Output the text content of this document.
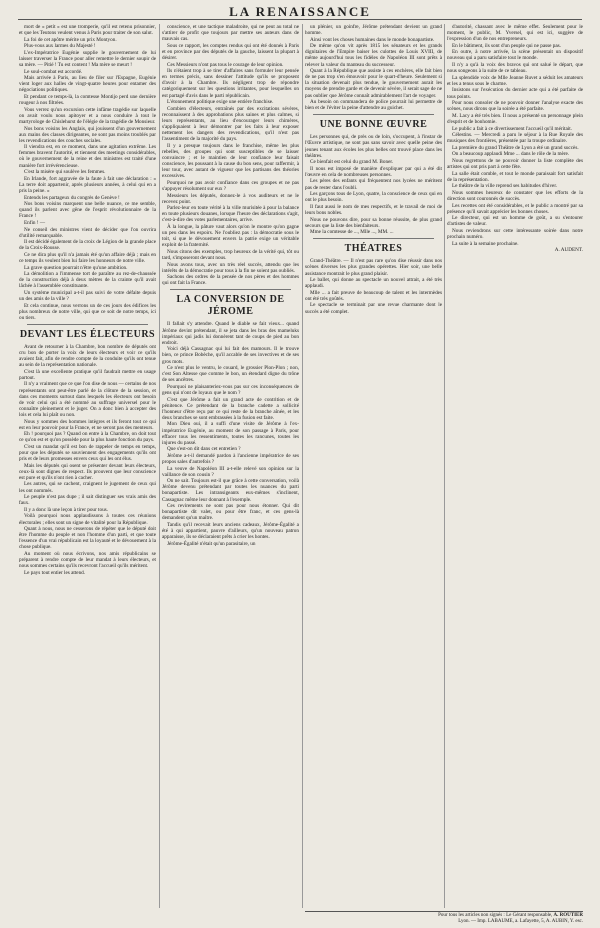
LA RENAISSANCE

mort de « petit » est une tromperie, qu'il est retenu prisonnier, et que les Teutons veulent venus à Paris pour traiter de son salut.

La foi de cet apôtre mérite un prix Montyon.

Plus-vous aux larmes du Majesté !

L'ex-Impératrice Eugénie supplie le gouvernement de lui laisser traverser la France pour aller remettre le dernier soupir de sa mère. — Pitié ! Tu est content ! Ma mère se meurt !

Le soul-combat est accordé.

Mais arrivée à Paris, au lieu de filer sur l'Espagne, Eugénie vient loger aux halles de vingt-quatre heures pour entamer des négociations politiques.

Et pendant ce temps-là, la comtesse Montijo perd une dernière rougeur à nos filtrées.

Vous verrez qu'un excursion cette infâme tragédie sur laquelle on avait voulu nous apitoyer et a nous conduire à tout le martyrologe de Chislehurst de l'élégie de la tragédie de Monsieur.

Nos bons voisins les Anglais, qui jouissent d'un gouvernement aux mains des classes dirigeantes, ne sont pas moins troublés par les revendications des couches sociales.

Il viendra est, en ce moment, dans une agitation extrême. Les femmes bravent l'autorité, et tiennent des meetings considérables, où le gouvernement de la reine et des ministres est traité d'une manière fort irrévérencieuse.

C'est la misère qui soulève les femmes.

En Irlande, fort aggravée de la faute à fait une déclaration : « La terre doit appartenir, après plusieurs années, à celui qui en a pris la peine. »

Entends les partageux du congrès de Genève !

Nos bons voisins marquent une belle nuance, ce me semble, quand ils parlent avec gêne de l'esprit révolutionnaire de la France !

Enfin ! —

Ne conseil des ministres vient de décider que l'on ouvrira d'utilité remarquable.

Il est décidé également de la croix de Légion de la grande place de la Croix-Rousse.

Ce ne dira plus qu'il n'a jamais été qu'un affaire déjà ; mais en ce temps ils veulent bien lui faire les honneurs de notre ville.

La grave question pourrait n'être qu'une ambition.

La démolition a l'immense tort de paraître au rez-de-chaussée de la construction déjà à deux mètres de la crainte qu'il avait lâchée à l'assemblée constituante.

Un système municipal a-t-il pas suivi de votre défaite depuis un des amis de la ville ?

Et cela continue, nous verrons un de ces jours des édifices les plus nombreux de notre ville, qui que ce soit de notre temps, ici ou tiers.

DEVANT LES ÉLECTEURS

Avant de retourner à la Chambre, bon nombre de députés ont cru bon de porter la voix de leurs électeurs et voir ce qu'ils avaient fait, afin de rendre compte de la conduite qu'ils ont tenue au sein de la représentation nationale.

C'est là une excellente pratique qu'il faudrait mettre en usage partout.

Il n'y a vraiment que ce que l'on dise de nous — certains de nos représentants ont peut-être parlé de la clôture de la session, et dans ces moments surtout dans lesquels les électeurs ont besoin de voir celui qui a été nommé au suffrage universel pour le connaître pleinement et le juger. On a donc bien à accepter des lois et cela lui plaît ou non.

Nous y sommes des hommes intègres et ils feront tout ce qui est en leur pouvoir pour la France, et ne seront pas des menteurs.

Eh ! pourquoi pas ? Quand on entre à la Chambre, on doit tout ce qu'on est et qu'on possède pour la plus haute fonction du pays.

C'est un mandat qu'il est bon de rappeler de temps en temps, pour que les députés se souviennent des engagements qu'ils ont pris et de leurs promesses envers ceux qui les ont élus.

Mais les députés qui osent se présenter devant leurs électeurs, ceux-là sont dignes de respect. Ils prouvent que leur conscience est pure et qu'ils n'ont rien à cacher.

Les autres, qui se cachent, craignent le jugement de ceux qui les ont nommés.

Le peuple n'est pas dupe ; il sait distinguer ses vrais amis des faux.

Il y a donc là une leçon à tirer pour tous.

Voilà pourquoi nous applaudissons à toutes ces réunions électorales ; elles sont un signe de vitalité pour la République.

Quant à nous, nous ne cesserons de répéter que le député doit être l'homme du peuple et non l'homme d'un parti, et que toute l'essence d'un vrai républicain est la loyauté et le dévouement à la chose publique.

Au moment où nous écrivons, nos amis républicains se préparent à rendre compte de leur mandat à leurs électeurs, et nous sommes certains qu'ils recevront l'accueil qu'ils méritent.

Le pays tout entier les attend.

conscience, et une tactique maladroite, qui ne peut au total ne s'attirer de profit que toujours par mettre ses auteurs dans de mauvais cas.

Sous ce rapport, les comptes rendus qui ont été donnés à Paris et en province par des députés de la gauche, laissent la plupart à désirer.

Ces Messieurs n'ont pas tous le courage de leur opinion.

Ils n'étaient trop à se tirer d'affaires sans formuler leur pensée en termes précis, sans dessiner l'attitude qu'ils se proposent d'avoir à la Chambre. Ils négligent trop de répondre catégoriquement sur les questions irritantes, pour lesquelles on est partagé d'avis dans le parti républicain.

L'étonnement politique exige une entière franchise.

Combien d'électeurs, entraînés par des excitations sévères, reconnaissent à des approbations plus saines et plus calmes, si leurs représentants, au lieu d'encourager leurs chimères, s'appliquaient à leur démontrer par les faits à leur exposer nettement les dangers des revendications, qu'il n'est pas l'assentiment de la majorité du pays.

Il y a presque toujours dans le franchise, même les plus rebelles, des groupes qui sont susceptibles de se laisser convaincre ; et le maintien de leur confiance leur faisait conscience, les poussant à la cause du bon sens, pour raffermir, à leur tour, avec autant de vigueur que les partisans des théories excessives.

Pourquoi ne pas avoir confiance dans ces groupes et ne pas s'appuyer résolument sur eux ?

Messieurs les députés, donnez-le à vos auditeurs et ne le recevez point.

Parlez-leur en toute vérité à la ville murisitée à pour la balance en toute plusieurs douanes, lorsque l'heure des déclarations s'agit, c'est-à-dire des votes parlementaires, arrive.

À la longue, la pâture vaut alors qu'on le montre qu'on gagne un peu dans les espoirs. Ne l'oubliez pas : la démocratie sous le toit, si que le dévouement envers la patrie exige un véritable exploit de la fraternité.

Nous citons des exemples, trop heureux de la vérité qui, tôt ou tard, s'imposeront devant nous.

Nous avons tous, avec un très réel succès, attendu que les intérêts de la démocratie pour tous à la fin ne soient pas oubliés.

Sachons des ordres de la pensée de nos pères et des hommes qui ont fait la France.

LA CONVERSION DE JÉROME

Il fallait s'y attendre. Quand le diable se fait vieux... quand Jérôme devint prétendant, il se jeta dans les bras des mameluks impériaux qui jadis lui donnèrent tant de coups de pied au bon endroit.

Voici déjà Cassagnac qui lui fait des mamours. Il le trouve bien, ce prince Bobèche, qu'il accable de ses invectives et de ses gros mots.

Ce n'est plus le ventru, le couard, le grossier Plon-Plon ; non, c'est Son Altesse que comme le bon, un étendard digne du trône de ses ancêtres.

Pourquoi ne plaisanteriez-vous pas sur ces inconséquences de gens qui n'ont de loyaux que le nom ?

C'est que Jérôme a fait un grand acte de contrition et de pénitence. Ce prétendant de la branche cadette a sollicité l'honneur d'être reçu par ce qui reste de la branche aînée, et les deux branches se sont embrassées à la fusion est faite.

Mon Dieu oui, il a suffi d'une visite de Jérôme à l'ex-impératrice Eugénie, au moment de son passage à Paris, pour effacer tous les ressentiments, toutes les rancunes, toutes les injures du passé.

Que s'est-on dit dans cet entretien ?

Jérôme a-t-il demandé pardon à l'ancienne impératrice de ses propos sales d'autrefois ?

La veuve de Napoléon III a-t-elle relevé son opinion sur la vaillance de son cousin ?

On ne sait. Toujours est-il que grâce à cette conversation, voilà Jérôme devenu prétendant par toutes les nuances du parti bonapartiste. Les intransigeants eux-mêmes s'inclinent, Cassagnac même leur donnant à l'exemple.

Ces revirements ne sont pas pour nous étonner. Qui dit bonapartiste dit valet, ou pour être franc, et ces gens-là demandent qu'un maître.

Tandis qu'il recevait leurs anciens cadeaux, Jérôme-Égalité a été à qui appartient, pauvre d'ailleurs, qu'un nouveau patron apparaisse, ils se déclaraient prêts à crier les hontes.

Jérôme-Égalité n'était qu'un parasitaire, un

un plénier, un goinfre, Jérôme prétendant devient un grand homme.

Ainsi vont les choses humaines dans le monde bonapartiste.

De même qu'on vit après 1815 les sénateurs et les grands dignitaires de l'Empire baiser les culottes de Louis XVIII, de même aujourd'hui tous les fidèles de Napoléon III sont prêts à relever la valeur du manteau du successeur.

Quant à la République que assiste à ces enchères, elle fait bien de ne pas trop s'en émouvoir pour le quart-d'heure. Seulement si la situation devenait plus tendue, le gouvernement aurait les moyens de prendre garde et de devenir sévère, il serait sage de ne pas oublier que Jérôme connaît admirablement l'art de voyager.

Au besoin on commandera de police pourrait lui permettre de bien et de l'éviter la peine d'attendre au guichet.

UNE BONNE ŒUVRE

Les personnes qui, de près ou de loin, s'occupent, à l'instar de l'Œuvre artistique, ne sont pas sans savoir avec quelle peine des jeunes tenant aux écoles les plus belles ont trouvé place dans les théâtres.

Ce bienfait est celui du grand M. Boner.

Il nous est imposé de manière d'expliquer par qui a été dit l'œuvre en cela de nombreuses personnes.

Les pères des enfants qui fréquentent nos lycées ne méritent pas de rester dans l'oubli.

Les garçons tous de Lyon, quatre, la conscience de ceux qui en ont le plus besoin.

Il faut aussi le nom de mes respectifs, et le travail de moi de leurs bons nobles.

Nous ne pouvons dire, pour sa bonne réussite, de plus grand secours que la liste des bienfaiteurs.

Mme la comtesse de ..., Mlle ..., MM. ...

THÉATRES

Grand-Théâtre. — Il n'est pas rare qu'on dise réussir dans nos scènes diverses les plus grandes opérettes. Hier soir, une belle assistance montrait le plus grand plaisir.

Le ballet, qui donne au spectacle un nouvel attrait, a été très applaudi.

Mlle ... a fait preuve de beaucoup de talent et les intermèdes ont été très goûtés.

Le spectacle se terminait par une revue charmante dont le succès a été complet.

d'autorité, chassant avec le même effet. Seulement pour le moment, le public, M. Yversel, qui est ici, suggère de l'expression d'un de nos entrepreneurs.

En le bâtiment, ils sont d'un peuple qui ne passe pas.

En outre, à notre arrivée, la scène présentait un dispositif nouveau qui a paru satisfaire tout le monde.

Il n'y a qu'à la voix des bravos qui ont salué le départ, que nous songeons à la suite de ce tableau.

La splendide voix de Mlle Jeanne Ruvet a séduit les amateurs et les a tenus sous le charme.

Insistons sur l'exécution du dernier acte qui a été parfaite de tous points.

Pour nous consoler de ne pouvoir donner l'analyse exacte des scènes, nous dirons que la soirée a été parfaite.

M. Lacy a été très bien. Il nous a présenté un personnage plein d'esprit et de bonhomie.

Le public a fait à ce divertissement l'accueil qu'il méritait.

Célestins. — Mercredi a paru le séjour à la Rue Royale des musiques des frontières, présentée par la troupe ordinaire.

La première du grand Théâtre de Lyon a été un grand succès.

On a beaucoup applaudi Mme ... dans le rôle de la mère.

Nous regrettons de ne pouvoir donner la liste complète des artistes qui ont pris part à cette fête.

La salle était comble, et tout le monde paraissait fort satisfait de la représentation.

Le théâtre de la ville reprend ses habitudes d'hiver.

Nous sommes heureux de constater que les efforts de la direction sont couronnés de succès.

Les recettes ont été considérables, et le public a montré par sa présence qu'il savait apprécier les bonnes choses.

Le directeur, qui est un homme de goût, a su s'entourer d'artistes de valeur.

Nous reviendrons sur cette intéressante soirée dans notre prochain numéro.

La suite à la semaine prochaine.

A. AUDENT.

Pour tous les articles non signés : Le Gérant responsable, A. ROUTIER
Lyon. — Imp. LABAUME, a. Lafayette, 5, A. AUBIN, Y. esc.
